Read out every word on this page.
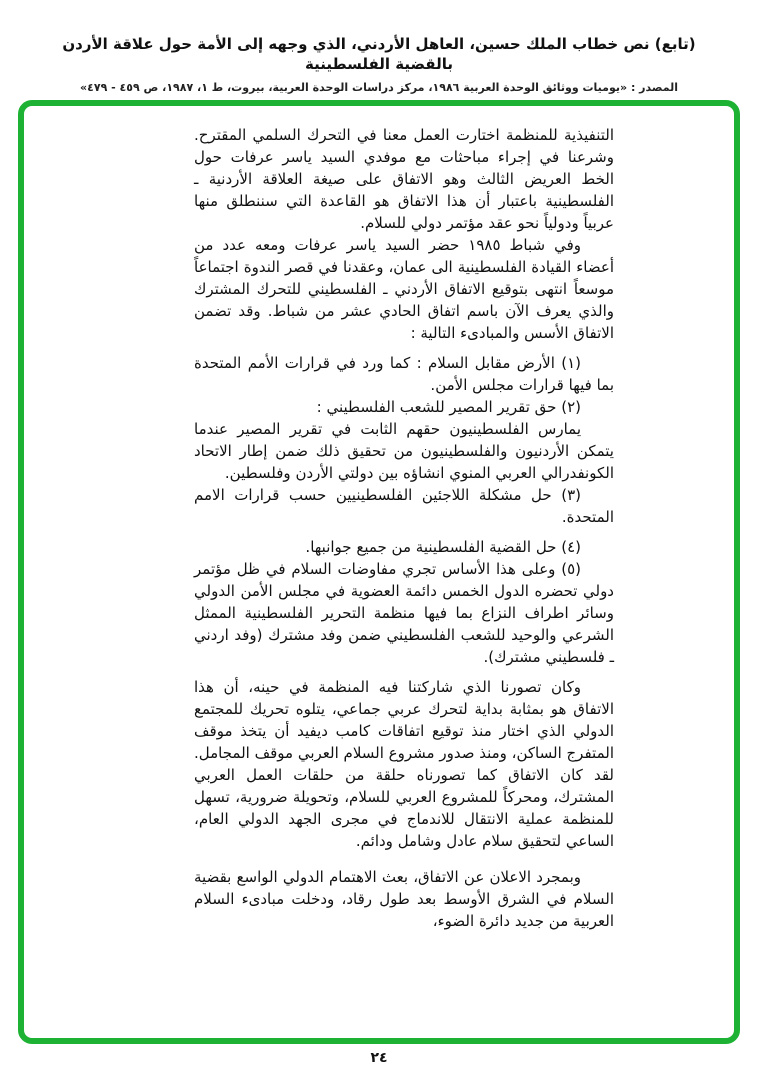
(تابع) نص خطاب الملك حسين، العاهل الأردني، الذي وجهه إلى الأمة حول علاقة الأردن بالقضية الفلسطينية
المصدر : «يوميات ووثائق الوحدة العربية ١٩٨٦، مركز دراسات الوحدة العربية، بيروت، ط ١، ١٩٨٧، ص ٤٥٩ - ٤٧٩»

التنفيذية للمنظمة اختارت العمل معنا في التحرك السلمي المقترح. وشرعنا في إجراء مباحثات مع موفدي السيد ياسر عرفات حول الخط العريض الثالث وهو الاتفاق على صيغة العلاقة الأردنية ـ الفلسطينية باعتبار أن هذا الاتفاق هو القاعدة التي سننطلق منها عربياً ودولياً نحو عقد مؤتمر دولي للسلام.

وفي شباط ١٩٨٥ حضر السيد ياسر عرفات ومعه عدد من أعضاء القيادة الفلسطينية الى عمان، وعقدنا في قصر الندوة اجتماعاً موسعاً انتهى بتوقيع الاتفاق الأردني ـ الفلسطيني للتحرك المشترك والذي يعرف الآن باسم اتفاق الحادي عشر من شباط. وقد تضمن الاتفاق الأسس والمبادىء التالية :

(١) الأرض مقابل السلام : كما ورد في قرارات الأمم المتحدة بما فيها قرارات مجلس الأمن.

(٢) حق تقرير المصير للشعب الفلسطيني :

يمارس الفلسطينيون حقهم الثابت في تقرير المصير عندما يتمكن الأردنيون والفلسطينيون من تحقيق ذلك ضمن إطار الاتحاد الكونفدرالي العربي المنوي انشاؤه بين دولتي الأردن وفلسطين.

(٣) حل مشكلة اللاجئين الفلسطينيين حسب قرارات الامم المتحدة.

(٤) حل القضية الفلسطينية من جميع جوانبها.

(٥) وعلى هذا الأساس تجري مفاوضات السلام في ظل مؤتمر دولي تحضره الدول الخمس دائمة العضوية في مجلس الأمن الدولي وسائر اطراف النزاع بما فيها منظمة التحرير الفلسطينية الممثل الشرعي والوحيد للشعب الفلسطيني ضمن وفد مشترك (وفد اردني ـ فلسطيني مشترك).

وكان تصورنا الذي شاركتنا فيه المنظمة في حينه، أن هذا الاتفاق هو بمثابة بداية لتحرك عربي جماعي، يتلوه تحريك للمجتمع الدولي الذي اختار منذ توقيع اتفاقات كامب ديفيد أن يتخذ موقف المتفرج الساكن، ومنذ صدور مشروع السلام العربي موقف المجامل. لقد كان الاتفاق كما تصورناه حلقة من حلقات العمل العربي المشترك، ومحركاً للمشروع العربي للسلام، وتحويلة ضرورية، تسهل للمنظمة عملية الانتقال للاندماج في مجرى الجهد الدولي العام، الساعي لتحقيق سلام عادل وشامل ودائم.

وبمجرد الاعلان عن الاتفاق، بعث الاهتمام الدولي الواسع بقضية السلام في الشرق الأوسط بعد طول رقاد، ودخلت مبادىء السلام العربية من جديد دائرة الضوء،

٢٤
